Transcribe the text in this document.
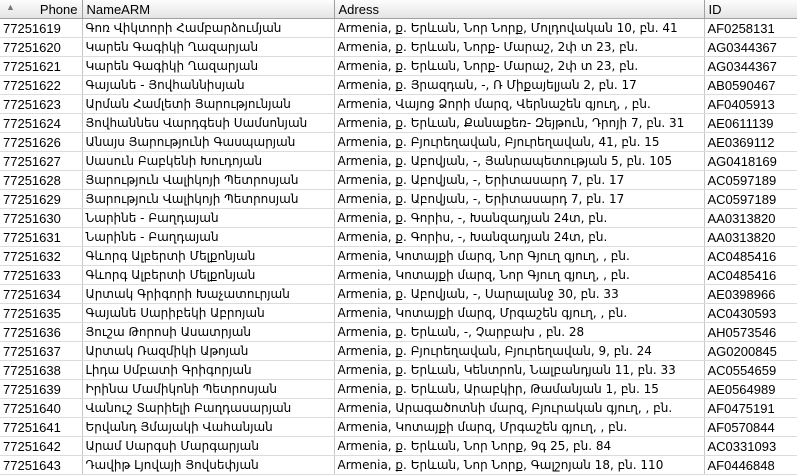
▲ Phone	NameARM	Adress	ID
77251619	Գոռ Վիկտորի Համբարձումյան	Armenia, ք. Երևան, Նոր Նորք, Մոլդովական 10, բն. 41	AF0258131
77251620	Կարեն Գագիկի Ղազարյան	Armenia, ք. Երևան, Նորք- Մարաշ, 2փ տ 23, բն.	AG0344367
77251621	Կարեն Գագիկի Ղազարյան	Armenia, ք. Երևան, Նորք- Մարաշ, 2փ տ 23, բն.	AG0344367
77251622	Գայանե - Յովհաննիսյան	Armenia, ք. Յրազդան, -, Ռ Միքայելյան 2, բն. 17	AB0590467
77251623	Արման Համլետի Յարությունյան	Armenia, Վայոց Ձորի մարզ, Վերնաշեն գյուղ, , բն.	AF0405913
77251624	Յովհաննես Վարդգեսի Սամսոնյան	Armenia, ք. Երևան, Քանաքեռ- Զեյթուն, Դրոյի 7, բն. 31	AE0611139
77251626	Անայս Յարությունի Գասպարյան	Armenia, ք. Բյուրեղավան, Բյուրեղավան, 41, բն. 15	AE0369112
77251627	Սասուն Բաբկենի Խուդոյան	Armenia, ք. Աբովյան, -, Յանրապետության 5, բն. 105	AG0418169
77251628	Յարություն Վալիկոյի Պետրոսյան	Armenia, ք. Աբովյան, -, Երիտասարդ 7, բն. 17	AC0597189
77251629	Յարություն Վալիկոյի Պետրոսյան	Armenia, ք. Աբովյան, -, Երիտասարդ 7, բն. 17	AC0597189
77251630	Նարինե - Բաղդայան	Armenia, ք. Գորիս, -, Խանզադյան 24տ, բն.	AA0313820
77251631	Նարինե - Բաղդայան	Armenia, ք. Գորիս, -, Խանզադյան 24տ, բն.	AA0313820
77251632	Գևորգ Ալբերտի Մելքոնյան	Armenia, Կոտայքի մարզ, Նոր Գյուղ գյուղ, , բն.	AC0485416
77251633	Գևորգ Ալբերտի Մելքոնյան	Armenia, Կոտայքի մարզ, Նոր Գյուղ գյուղ, , բն.	AC0485416
77251634	Արտակ Գրիգորի Խաչատուրյան	Armenia, ք. Աբովյան, -, Սարալանջ 30, բն. 33	AE0398966
77251635	Գայանե Սարիբեկի Աբրոյան	Armenia, Կոտայքի մարզ, Մրգաշեն գյուղ, , բն.	AC0430593
77251636	Յուշա Թորոսի Ասատրյան	Armenia, ք. Երևան, -, Չարբախ , բն. 28	AH0573546
77251637	Արտակ Ռազմիկի Աթոյան	Armenia, ք. Բյուրեղավան, Բյուրեղավան, 9, բն. 24	AG0200845
77251638	Լիդա Սմբատի Գրիգորյան	Armenia, ք. Երևան, Կենտրոն, Նալբանդյան 11, բն. 33	AC0554659
77251639	Իրինա Մամիկոնի Պետրոսյան	Armenia, ք. Երևան, Արաբկիր, Թամանյան 1, բն. 15	AE0564989
77251640	Վանուշ Տարիելի Բաղդասարյան	Armenia, Արագածոտնի մարզ, Բյուրական գյուղ, , բն.	AF0475191
77251641	Երվանդ Յմայակի Վահանյան	Armenia, Կոտայքի մարզ, Մրգաշեն գյուղ, , բն.	AF0570844
77251642	Արամ Սարգսի Մարգարյան	Armenia, ք. Երևան, Նոր Նորք, 9գ 25, բն. 84	AC0331093
77251643	Դավիթ Լյովայի Յովսեփյան	Armenia, ք. Երևան, Նոր Նորք, Գալշոյան 18, բն. 110	AF0446848
